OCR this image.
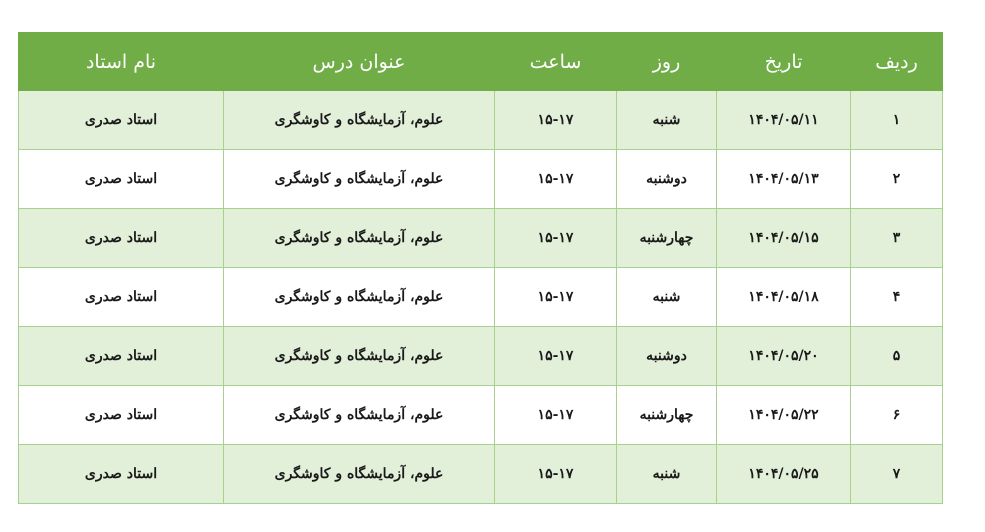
ردیف	تاریخ	روز	ساعت	عنوان درس	نام استاد
۱	۱۴۰۴/۰۵/۱۱	شنبه	۱۵-۱۷	علوم، آزمایشگاه و کاوشگری	استاد صدری
۲	۱۴۰۴/۰۵/۱۳	دوشنبه	۱۵-۱۷	علوم، آزمایشگاه و کاوشگری	استاد صدری
۳	۱۴۰۴/۰۵/۱۵	چهارشنبه	۱۵-۱۷	علوم، آزمایشگاه و کاوشگری	استاد صدری
۴	۱۴۰۴/۰۵/۱۸	شنبه	۱۵-۱۷	علوم، آزمایشگاه و کاوشگری	استاد صدری
۵	۱۴۰۴/۰۵/۲۰	دوشنبه	۱۵-۱۷	علوم، آزمایشگاه و کاوشگری	استاد صدری
۶	۱۴۰۴/۰۵/۲۲	چهارشنبه	۱۵-۱۷	علوم، آزمایشگاه و کاوشگری	استاد صدری
۷	۱۴۰۴/۰۵/۲۵	شنبه	۱۵-۱۷	علوم، آزمایشگاه و کاوشگری	استاد صدری
